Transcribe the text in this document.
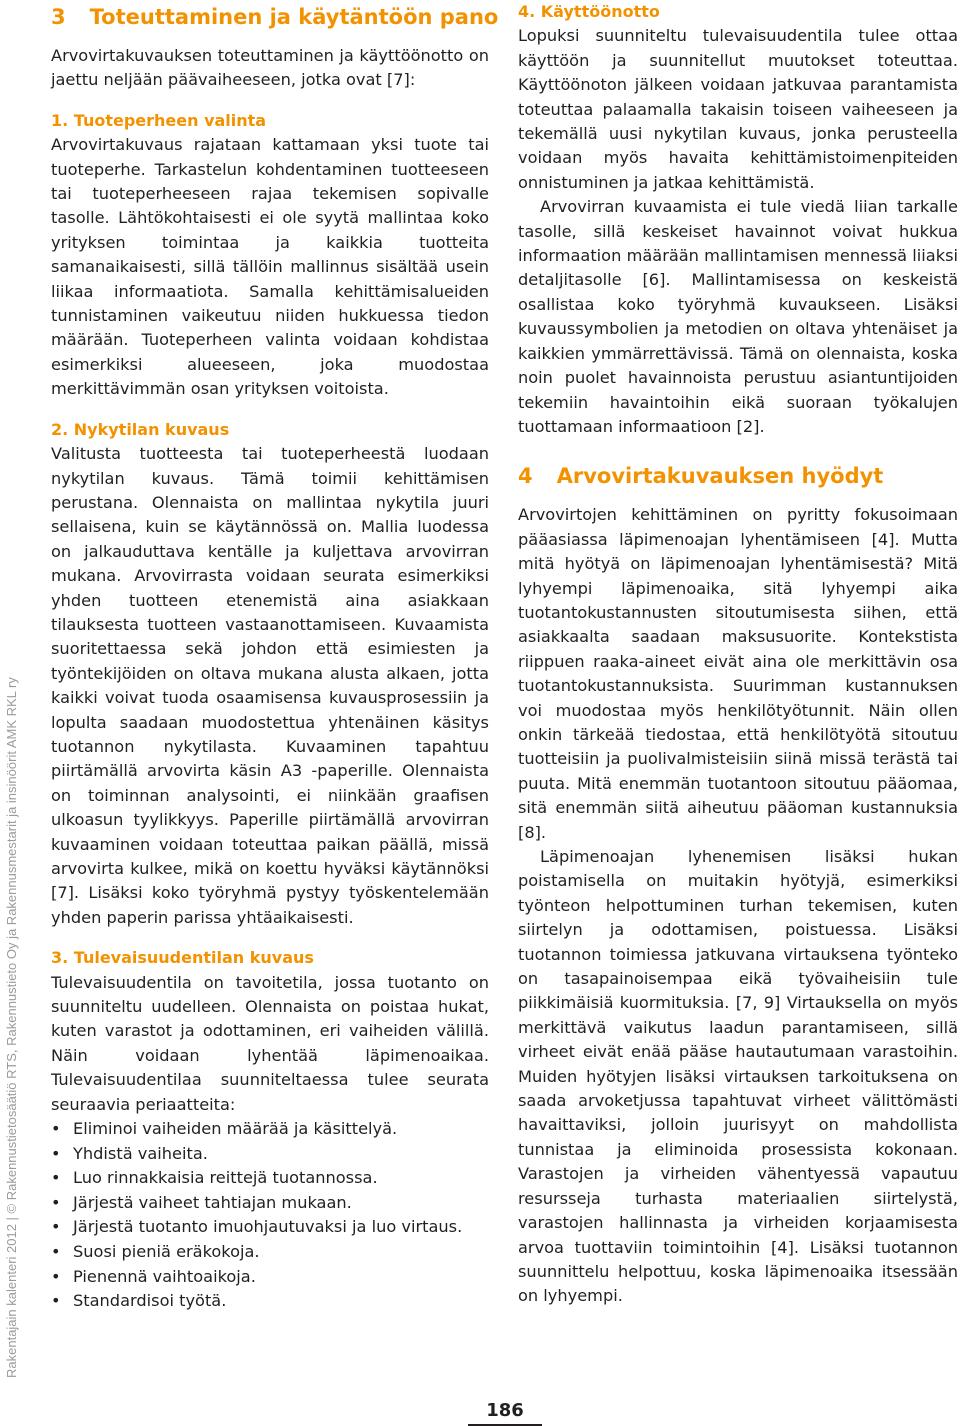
Rakentajain kalenteri 2012 | © Rakennustietosäätiö RTS, Rakennustieto Oy ja Rakennusmestarit ja insinöörit AMK RKL ry
3 Toteuttaminen ja käytäntöön pano

Arvovirtakuvauksen toteuttaminen ja käyttöönotto on jaettu neljään päävaiheeseen, jotka ovat [7]:

1. Tuoteperheen valinta

Arvovirtakuvaus rajataan kattamaan yksi tuote tai tuoteperhe. Tarkastelun kohdentaminen tuotteeseen tai tuoteperheeseen rajaa tekemisen sopivalle tasolle. Lähtökohtaisesti ei ole syytä mallintaa koko yrityksen toimintaa ja kaikkia tuotteita samanaikaisesti, sillä tällöin mallinnus sisältää usein liikaa informaatiota. Samalla kehittämisalueiden tunnistaminen vaikeutuu niiden hukkuessa tiedon määrään. Tuoteperheen valinta voidaan kohdistaa esimerkiksi alueeseen, joka muodostaa merkittävimmän osan yrityksen voitoista.

2. Nykytilan kuvaus

Valitusta tuotteesta tai tuoteperheestä luodaan nykytilan kuvaus. Tämä toimii kehittämisen perustana. Olennaista on mallintaa nykytila juuri sellaisena, kuin se käytännössä on. Mallia luodessa on jalkauduttava kentälle ja kuljettava arvovirran mukana. Arvovirrasta voidaan seurata esimerkiksi yhden tuotteen etenemistä aina asiakkaan tilauksesta tuotteen vastaanottamiseen. Kuvaamista suoritettaessa sekä johdon että esimiesten ja työntekijöiden on oltava mukana alusta alkaen, jotta kaikki voivat tuoda osaamisensa kuvausprosessiin ja lopulta saadaan muodostettua yhtenäinen käsitys tuotannon nykytilasta. Kuvaaminen tapahtuu piirtämällä arvovirta käsin A3 -paperille. Olennaista on toiminnan analysointi, ei niinkään graafisen ulkoasun tyylikkyys. Paperille piirtämällä arvovirran kuvaaminen voidaan toteuttaa paikan päällä, missä arvovirta kulkee, mikä on koettu hyväksi käytännöksi [7]. Lisäksi koko työryhmä pystyy työskentelemään yhden paperin parissa yhtäaikaisesti.

3. Tulevaisuudentilan kuvaus

Tulevaisuudentila on tavoitetila, jossa tuotanto on suunniteltu uudelleen. Olennaista on poistaa hukat, kuten varastot ja odottaminen, eri vaiheiden välillä. Näin voidaan lyhentää läpimenoaikaa. Tulevaisuudentilaa suunniteltaessa tulee seurata seuraavia periaatteita:

• Eliminoi vaiheiden määrää ja käsittelyä.
• Yhdistä vaiheita.
• Luo rinnakkaisia reittejä tuotannossa.
• Järjestä vaiheet tahtiajan mukaan.
• Järjestä tuotanto imuohjautuvaksi ja luo virtaus.
• Suosi pieniä eräkokoja.
• Pienennä vaihtoaikoja.
• Standardisoi työtä.

4. Käyttöönotto

Lopuksi suunniteltu tulevaisuudentila tulee ottaa käyttöön ja suunnitellut muutokset toteuttaa. Käyttöönoton jälkeen voidaan jatkuvaa parantamista toteuttaa palaamalla takaisin toiseen vaiheeseen ja tekemällä uusi nykytilan kuvaus, jonka perusteella voidaan myös havaita kehittämistoimenpiteiden onnistuminen ja jatkaa kehittämistä.

Arvovirran kuvaamista ei tule viedä liian tarkalle tasolle, sillä keskeiset havainnot voivat hukkua informaation määrään mallintamisen mennessä liiaksi detaljitasolle [6]. Mallintamisessa on keskeistä osallistaa koko työryhmä kuvaukseen. Lisäksi kuvaussymbolien ja metodien on oltava yhtenäiset ja kaikkien ymmärrettävissä. Tämä on olennaista, koska noin puolet havainnoista perustuu asiantuntijoiden tekemiin havaintoihin eikä suoraan työkalujen tuottamaan informaatioon [2].

4 Arvovirtakuvauksen hyödyt

Arvovirtojen kehittäminen on pyritty fokusoimaan pääasiassa läpimenoajan lyhentämiseen [4]. Mutta mitä hyötyä on läpimenoajan lyhentämisestä? Mitä lyhyempi läpimenoaika, sitä lyhyempi aika tuotantokustannusten sitoutumisesta siihen, että asiakkaalta saadaan maksusuorite. Kontekstista riippuen raaka-aineet eivät aina ole merkittävin osa tuotantokustannuksista. Suurimman kustannuksen voi muodostaa myös henkilötyötunnit. Näin ollen onkin tärkeää tiedostaa, että henkilötyötä sitoutuu tuotteisiin ja puolivalmisteisiin siinä missä terästä tai puuta. Mitä enemmän tuotantoon sitoutuu pääomaa, sitä enemmän siitä aiheutuu pääoman kustannuksia [8].

Läpimenoajan lyhenemisen lisäksi hukan poistamisella on muitakin hyötyjä, esimerkiksi työnteon helpottuminen turhan tekemisen, kuten siirtelyn ja odottamisen, poistuessa. Lisäksi tuotannon toimiessa jatkuvana virtauksena työnteko on tasapainoisempaa eikä työvaiheisiin tule piikkimäisiä kuormituksia. [7, 9] Virtauksella on myös merkittävä vaikutus laadun parantamiseen, sillä virheet eivät enää pääse hautautumaan varastoihin. Muiden hyötyjen lisäksi virtauksen tarkoituksena on saada arvoketjussa tapahtuvat virheet välittömästi havaittaviksi, jolloin juurisyyt on mahdollista tunnistaa ja eliminoida prosessista kokonaan. Varastojen ja virheiden vähentyessä vapautuu resursseja turhasta materiaalien siirtelystä, varastojen hallinnasta ja virheiden korjaamisesta arvoa tuottaviin toimintoihin [4]. Lisäksi tuotannon suunnittelu helpottuu, koska läpimenoaika itsessään on lyhyempi.

186
